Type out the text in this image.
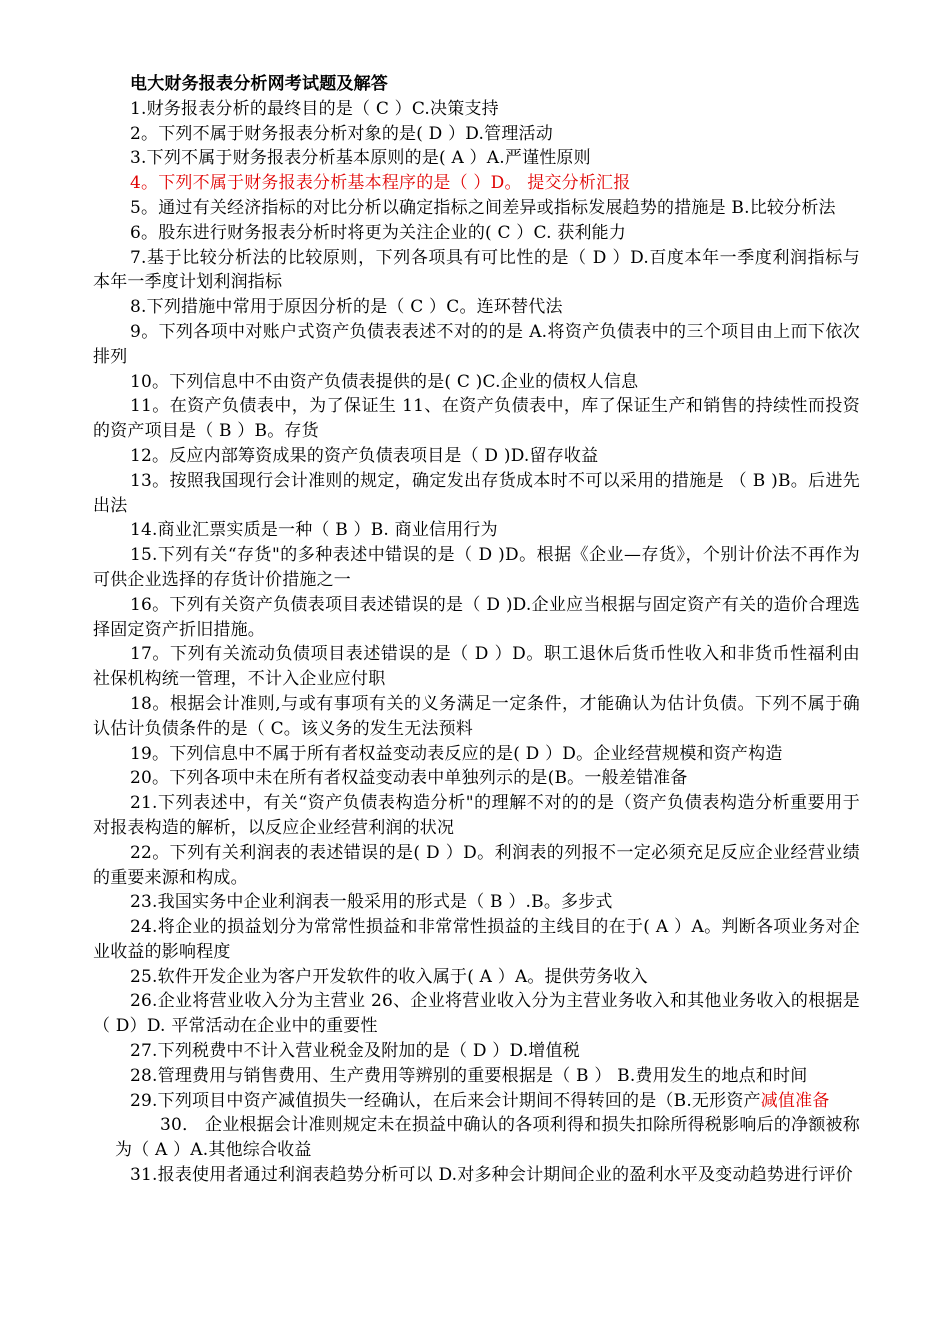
电大财务报表分析网考试题及解答

1.财务报表分析的最终目的是（ C ）C.决策支持

2。下列不属于财务报表分析对象的是( D ）D.管理活动

3.下列不属于财务报表分析基本原则的是( A ）A.严谨性原则

4。下列不属于财务报表分析基本程序的是（ ）D。 提交分析汇报

5。通过有关经济指标的对比分析以确定指标之间差异或指标发展趋势的措施是 B.比较分析法

6。股东进行财务报表分析时将更为关注企业的( C ）C. 获利能力

7.基于比较分析法的比较原则，下列各项具有可比性的是（ D ）D.百度本年一季度利润指标与本年一季度计划利润指标

8.下列措施中常用于原因分析的是（ C ）C。连环替代法

9。下列各项中对账户式资产负债表表述不对的的是 A.将资产负债表中的三个项目由上而下依次排列

10。下列信息中不由资产负债表提供的是( C )C.企业的债权人信息

11。在资产负债表中，为了保证生 11、在资产负债表中，库了保证生产和销售的持续性而投资的资产项目是（ B ）B。存货

12。反应内部筹资成果的资产负债表项目是（ D )D.留存收益

13。按照我国现行会计准则的规定，确定发出存货成本时不可以采用的措施是 （ B )B。后进先出法

14.商业汇票实质是一种（ B ）B. 商业信用行为

15.下列有关“存货"的多种表述中错误的是（ D )D。根据《企业—存货》，个别计价法不再作为可供企业选择的存货计价措施之一

16。下列有关资产负债表项目表述错误的是（ D )D.企业应当根据与固定资产有关的造价合理选择固定资产折旧措施。

17。下列有关流动负债项目表述错误的是（ D ）D。职工退休后货币性收入和非货币性福利由社保机构统一管理，不计入企业应付职

18。根据会计准则,与或有事项有关的义务满足一定条件，才能确认为估计负债。下列不属于确认估计负债条件的是（ C。该义务的发生无法预料

19。下列信息中不属于所有者权益变动表反应的是( D ）D。企业经营规模和资产构造

20。下列各项中未在所有者权益变动表中单独列示的是(B。一般差错准备

21.下列表述中，有关“资产负债表构造分析"的理解不对的的是（资产负债表构造分析重要用于对报表构造的解析，以反应企业经营利润的状况

22。下列有关利润表的表述错误的是( D ）D。利润表的列报不一定必须充足反应企业经营业绩的重要来源和构成。

23.我国实务中企业利润表一般采用的形式是（ B ）.B。多步式

24.将企业的损益划分为常常性损益和非常常性损益的主线目的在于( A ）A。判断各项业务对企业收益的影响程度

25.软件开发企业为客户开发软件的收入属于( A ）A。提供劳务收入

26.企业将营业收入分为主营业 26、企业将营业收入分为主营业务收入和其他业务收入的根据是（ D）D. 平常活动在企业中的重要性

27.下列税费中不计入营业税金及附加的是（ D ）D.增值税

28.管理费用与销售费用、生产费用等辨别的重要根据是（ B ） B.费用发生的地点和时间

29.下列项目中资产减值损失一经确认，在后来会计期间不得转回的是（B.无形资产减值准备

30． 企业根据会计准则规定未在损益中确认的各项利得和损失扣除所得税影响后的净额被称为（ A ）A.其他综合收益

31.报表使用者通过利润表趋势分析可以 D.对多种会计期间企业的盈利水平及变动趋势进行评价
